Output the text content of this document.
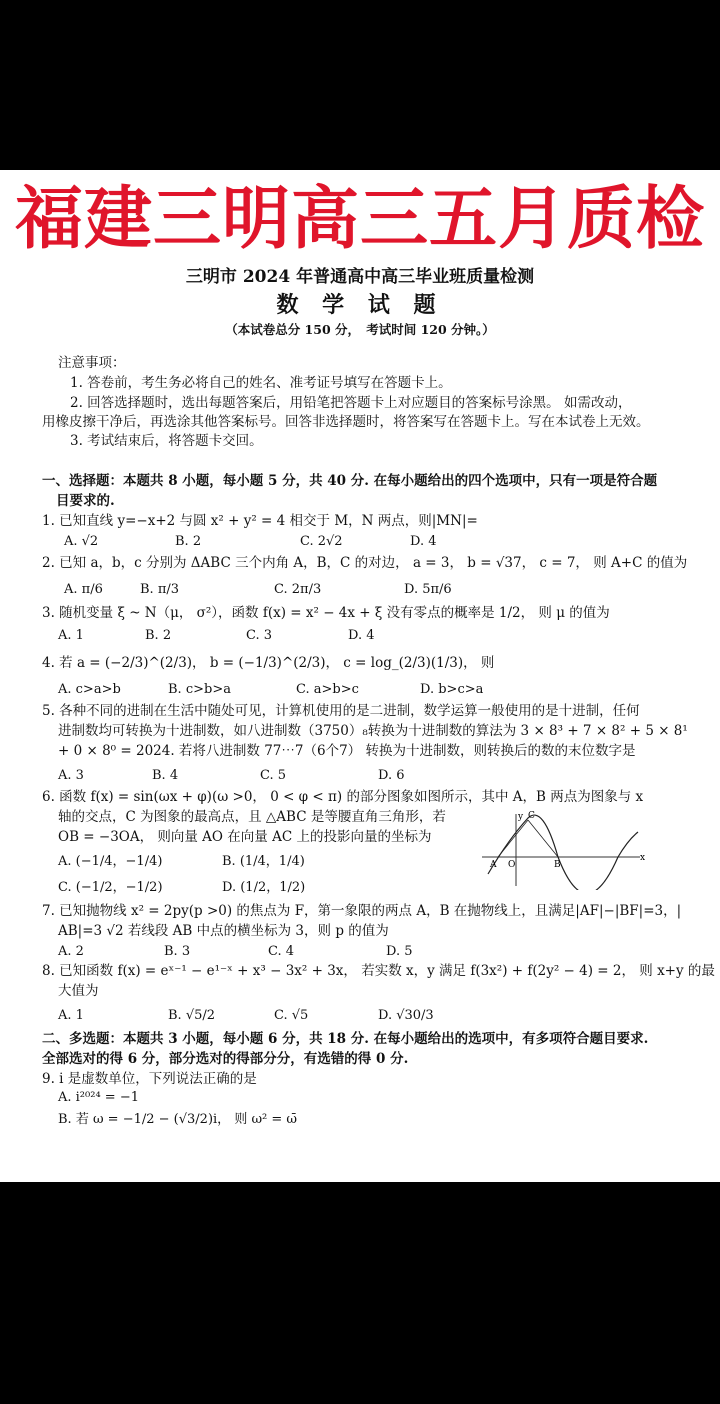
福建三明高三五月质检
三明市 2024 年普通高中高三毕业班质量检测
数 学 试 题
（本试卷总分 150 分，　考试时间 120 分钟。）
注意事项：
1. 答卷前，考生务必将自己的姓名、准考证号填写在答题卡上。
2. 回答选择题时，选出每题答案后，用铅笔把答题卡上对应题目的答案标号涂黑。 如需改动，
用橡皮擦干净后，再选涂其他答案标号。回答非选择题时，将答案写在答题卡上。写在本试卷上无效。
3. 考试结束后，将答题卡交回。
一、选择题：本题共 8 小题，每小题 5 分，共 40 分. 在每小题给出的四个选项中，只有一项是符合题
目要求的.
1. 已知直线 y=−x+2 与圆 x² + y² = 4 相交于 M，N 两点，则|MN|=
A. √2	B. 2	C. 2√2	D. 4
2. 已知 a，b，c 分别为 ΔABC 三个内角 A，B，C 的对边， a = 3， b = √37， c = 7， 则 A+C 的值为
A. π/6	B. π/3	C. 2π/3	D. 5π/6
3. 随机变量 ξ ~ N（μ， σ²），函数 f(x) = x² − 4x + ξ 没有零点的概率是 1/2， 则 μ 的值为
A. 1	B. 2	C. 3	D. 4
4. 若 a = (−2/3)^(2/3)， b = (−1/3)^(2/3)， c = log_(2/3)(1/3)， 则
A. c>a>b	B. c>b>a	C. a>b>c	D. b>c>a
5. 各种不同的进制在生活中随处可见，计算机使用的是二进制，数学运算一般使用的是十进制，任何
进制数均可转换为十进制数，如八进制数（3750）₈转换为十进制数的算法为 3 × 8³ + 7 × 8² + 5 × 8¹
+ 0 × 8⁰ = 2024. 若将八进制数 77⋯7（6个7） 转换为十进制数，则转换后的数的末位数字是
A. 3	B. 4	C. 5	D. 6
6. 函数 f(x) = sin(ωx + φ)(ω >0， 0 < φ < π) 的部分图象如图所示，其中 A，B 两点为图象与 x
轴的交点，C 为图象的最高点，且 △ABC 是等腰直角三角形，若
OB = −3OA， 则向量 AO 在向量 AC 上的投影向量的坐标为
A. (−1/4，−1/4)	B. (1/4，1/4)
C. (−1/2，−1/2)	D. (1/2，1/2)
y C
A O	B
x
7. 已知抛物线 x² = 2py(p >0) 的焦点为 F，第一象限的两点 A，B 在抛物线上，且满足|AF|−|BF|=3，|
AB|=3 √2 若线段 AB 中点的横坐标为 3，则 p 的值为
A. 2	B. 3	C. 4	D. 5
8. 已知函数 f(x) = eˣ⁻¹ − e¹⁻ˣ + x³ − 3x² + 3x， 若实数 x，y 满足 f(3x²) + f(2y² − 4) = 2， 则 x+y 的最
大值为
A. 1	B. √5/2	C. √5	D. √30/3
二、多选题：本题共 3 小题，每小题 6 分，共 18 分. 在每小题给出的选项中，有多项符合题目要求.
全部选对的得 6 分，部分选对的得部分分，有选错的得 0 分.
9. i 是虚数单位，下列说法正确的是
A. i²⁰²⁴ = −1
B. 若 ω = −1/2 − (√3/2)i， 则 ω² = ω̄
